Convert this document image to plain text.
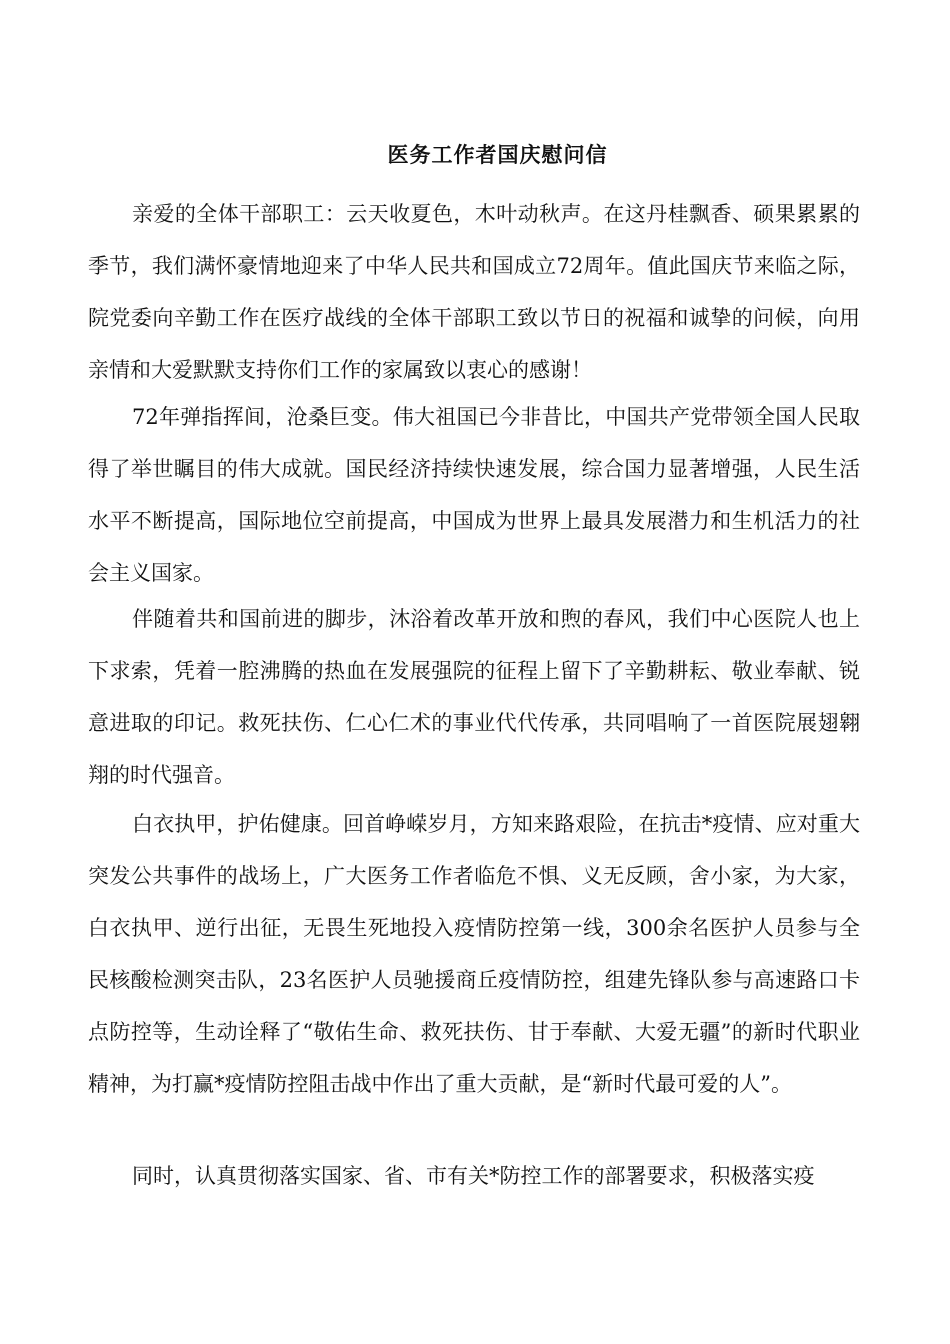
医务工作者国庆慰问信

亲爱的全体干部职工：云天收夏色，木叶动秋声。在这丹桂飘香、硕果累累的季节，我们满怀豪情地迎来了中华人民共和国成立72周年。值此国庆节来临之际，院党委向辛勤工作在医疗战线的全体干部职工致以节日的祝福和诚挚的问候，向用亲情和大爱默默支持你们工作的家属致以衷心的感谢！

72年弹指挥间，沧桑巨变。伟大祖国已今非昔比，中国共产党带领全国人民取得了举世瞩目的伟大成就。国民经济持续快速发展，综合国力显著增强，人民生活水平不断提高，国际地位空前提高，中国成为世界上最具发展潜力和生机活力的社会主义国家。

伴随着共和国前进的脚步，沐浴着改革开放和煦的春风，我们中心医院人也上下求索，凭着一腔沸腾的热血在发展强院的征程上留下了辛勤耕耘、敬业奉献、锐意进取的印记。救死扶伤、仁心仁术的事业代代传承，共同唱响了一首医院展翅翱翔的时代强音。

白衣执甲，护佑健康。回首峥嵘岁月，方知来路艰险，在抗击*疫情、应对重大突发公共事件的战场上，广大医务工作者临危不惧、义无反顾，舍小家，为大家，白衣执甲、逆行出征，无畏生死地投入疫情防控第一线，300余名医护人员参与全民核酸检测突击队，23名医护人员驰援商丘疫情防控，组建先锋队参与高速路口卡点防控等，生动诠释了“敬佑生命、救死扶伤、甘于奉献、大爱无疆”的新时代职业精神，为打赢*疫情防控阻击战中作出了重大贡献，是“新时代最可爱的人”。

同时，认真贯彻落实国家、省、市有关*防控工作的部署要求，积极落实疫
